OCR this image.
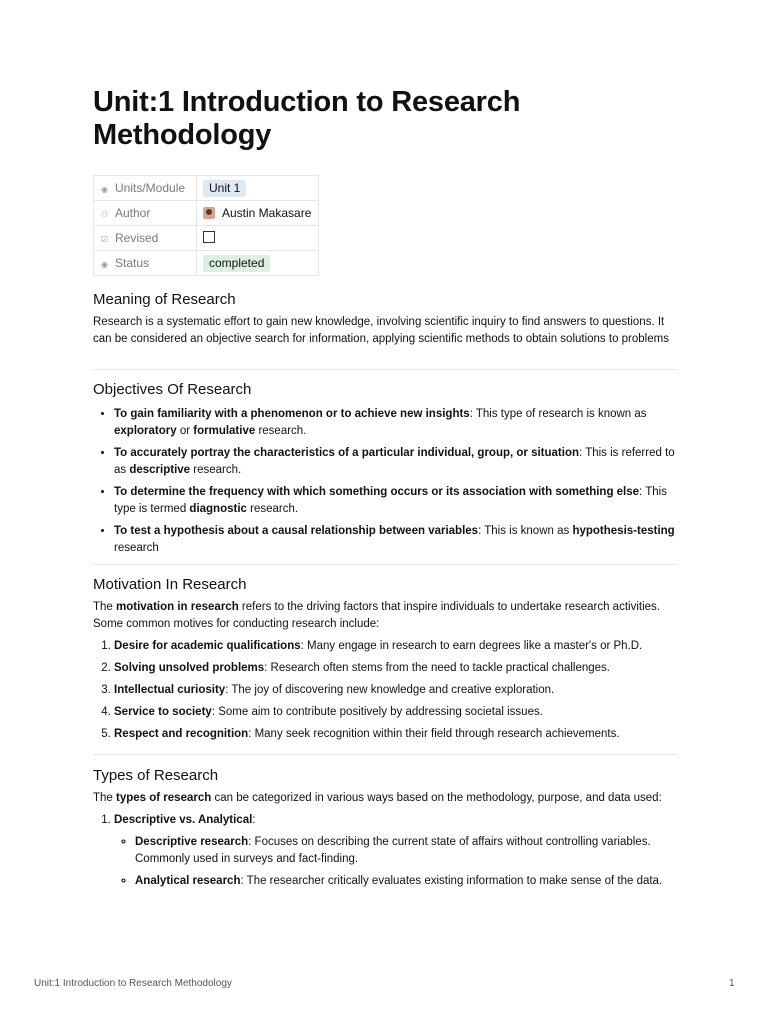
Unit:1 Introduction to Research Methodology
◉ Units/Module	Unit 1
⚇ Author	Austin Makasare
☑ Revised	
◉ Status	completed
Meaning of Research

Research is a systematic effort to gain new knowledge, involving scientific inquiry to find answers to questions. It can be considered an objective search for information, applying scientific methods to obtain solutions to problems

Objectives Of Research
• To gain familiarity with a phenomenon or to achieve new insights: This type of research is known as exploratory or formulative research.
• To accurately portray the characteristics of a particular individual, group, or situation: This is referred to as descriptive research.
• To determine the frequency with which something occurs or its association with something else: This type is termed diagnostic research.
• To test a hypothesis about a causal relationship between variables: This is known as hypothesis-testing research
Motivation In Research

The motivation in research refers to the driving factors that inspire individuals to undertake research activities. Some common motives for conducting research include:

1. Desire for academic qualifications: Many engage in research to earn degrees like a master's or Ph.D.
2. Solving unsolved problems: Research often stems from the need to tackle practical challenges.
3. Intellectual curiosity: The joy of discovering new knowledge and creative exploration.
4. Service to society: Some aim to contribute positively by addressing societal issues.
5. Respect and recognition: Many seek recognition within their field through research achievements.
Types of Research

The types of research can be categorized in various ways based on the methodology, purpose, and data used:

1. Descriptive vs. Analytical:
◦ Descriptive research: Focuses on describing the current state of affairs without controlling variables. Commonly used in surveys and fact-finding.
◦ Analytical research: The researcher critically evaluates existing information to make sense of the data.
Unit:1 Introduction to Research Methodology	1
